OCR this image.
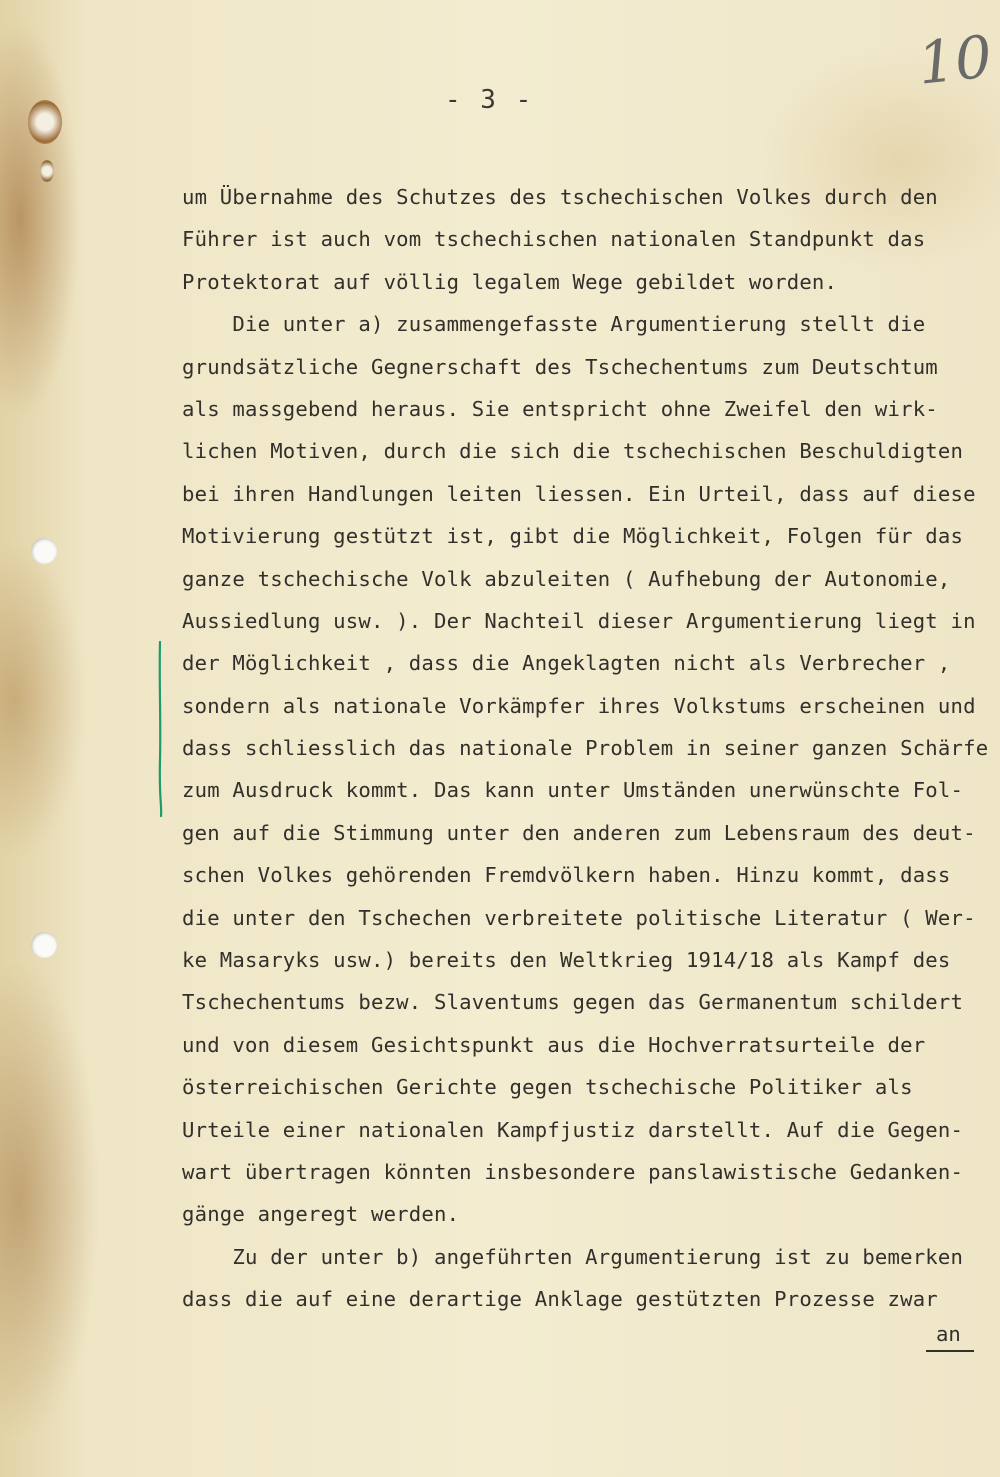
10
- 3 -
um Übernahme des Schutzes des tschechischen Volkes durch den
Führer ist auch vom tschechischen nationalen Standpunkt das
Protektorat auf völlig legalem Wege gebildet worden.
Die unter a) zusammengefasste Argumentierung stellt die
grundsätzliche Gegnerschaft des Tschechentums zum Deutschtum
als massgebend heraus. Sie entspricht ohne Zweifel den wirk-
lichen Motiven, durch die sich die tschechischen Beschuldigten
bei ihren Handlungen leiten liessen. Ein Urteil, dass auf diese
Motivierung gestützt ist, gibt die Möglichkeit, Folgen für das
ganze tschechische Volk abzuleiten ( Aufhebung der Autonomie,
Aussiedlung usw. ). Der Nachteil dieser Argumentierung liegt in
der Möglichkeit , dass die Angeklagten nicht als Verbrecher ,
sondern als nationale Vorkämpfer ihres Volkstums erscheinen und
dass schliesslich das nationale Problem in seiner ganzen Schärfe
zum Ausdruck kommt. Das kann unter Umständen unerwünschte Fol-
gen auf die Stimmung unter den anderen zum Lebensraum des deut-
schen Volkes gehörenden Fremdvölkern haben. Hinzu kommt, dass
die unter den Tschechen verbreitete politische Literatur ( Wer-
ke Masaryks usw.) bereits den Weltkrieg 1914/18 als Kampf des
Tschechentums bezw. Slaventums gegen das Germanentum schildert
und von diesem Gesichtspunkt aus die Hochverratsurteile der
österreichischen Gerichte gegen tschechische Politiker als
Urteile einer nationalen Kampfjustiz darstellt. Auf die Gegen-
wart übertragen könnten insbesondere panslawistische Gedanken-
gänge angeregt werden.
Zu der unter b) angeführten Argumentierung ist zu bemerken
dass die auf eine derartige Anklage gestützten Prozesse zwar
an
